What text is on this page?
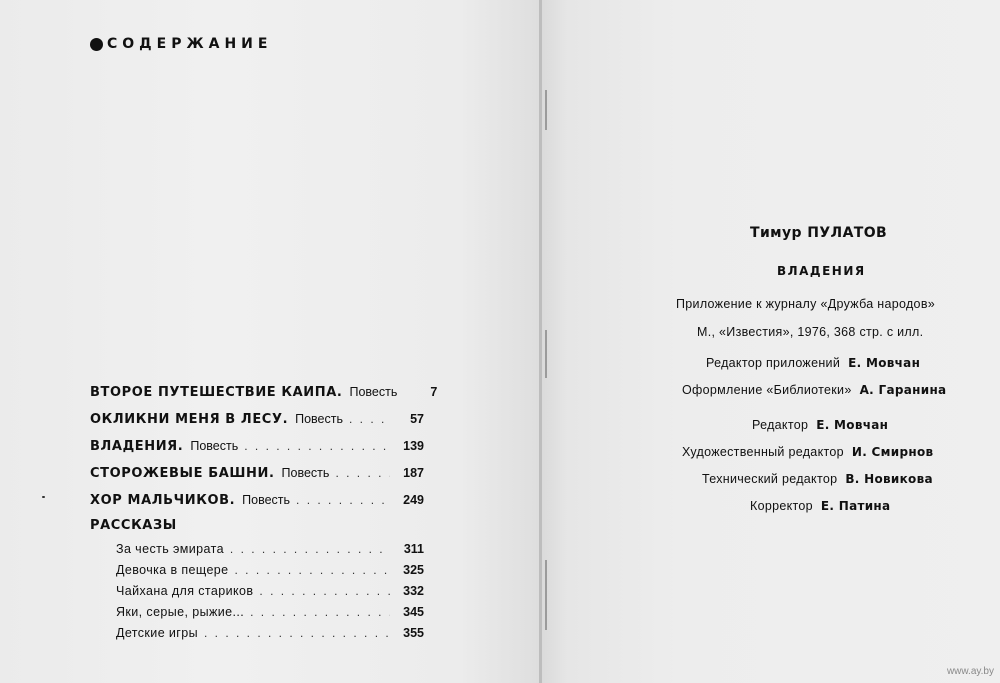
СОДЕРЖАНИЕ
ВТОРОЕ ПУТЕШЕСТВИЕ КАИПА. Повесть	7
ОКЛИКНИ МЕНЯ В ЛЕСУ. Повесть . . .	57
ВЛАДЕНИЯ. Повесть . . .	139
СТОРОЖЕВЫЕ БАШНИ. Повесть . . .	187
ХОР МАЛЬЧИКОВ. Повесть . . .	249
РАССКАЗЫ
За честь эмирата . . .	311
Девочка в пещере . . .	325
Чайхана для стариков . . .	332
Яки, серые, рыжие... . . .	345
Детские игры . . .	355
Тимур ПУЛАТОВ
ВЛАДЕНИЯ
Приложение к журналу «Дружба народов»
М., «Известия», 1976, 368 стр. с илл.
Редактор приложений Е. Мовчан
Оформление «Библиотеки» А. Гаранина
Редактор Е. Мовчан
Художественный редактор И. Смирнов
Технический редактор В. Новикова
Корректор Е. Патина
www.ay.by
